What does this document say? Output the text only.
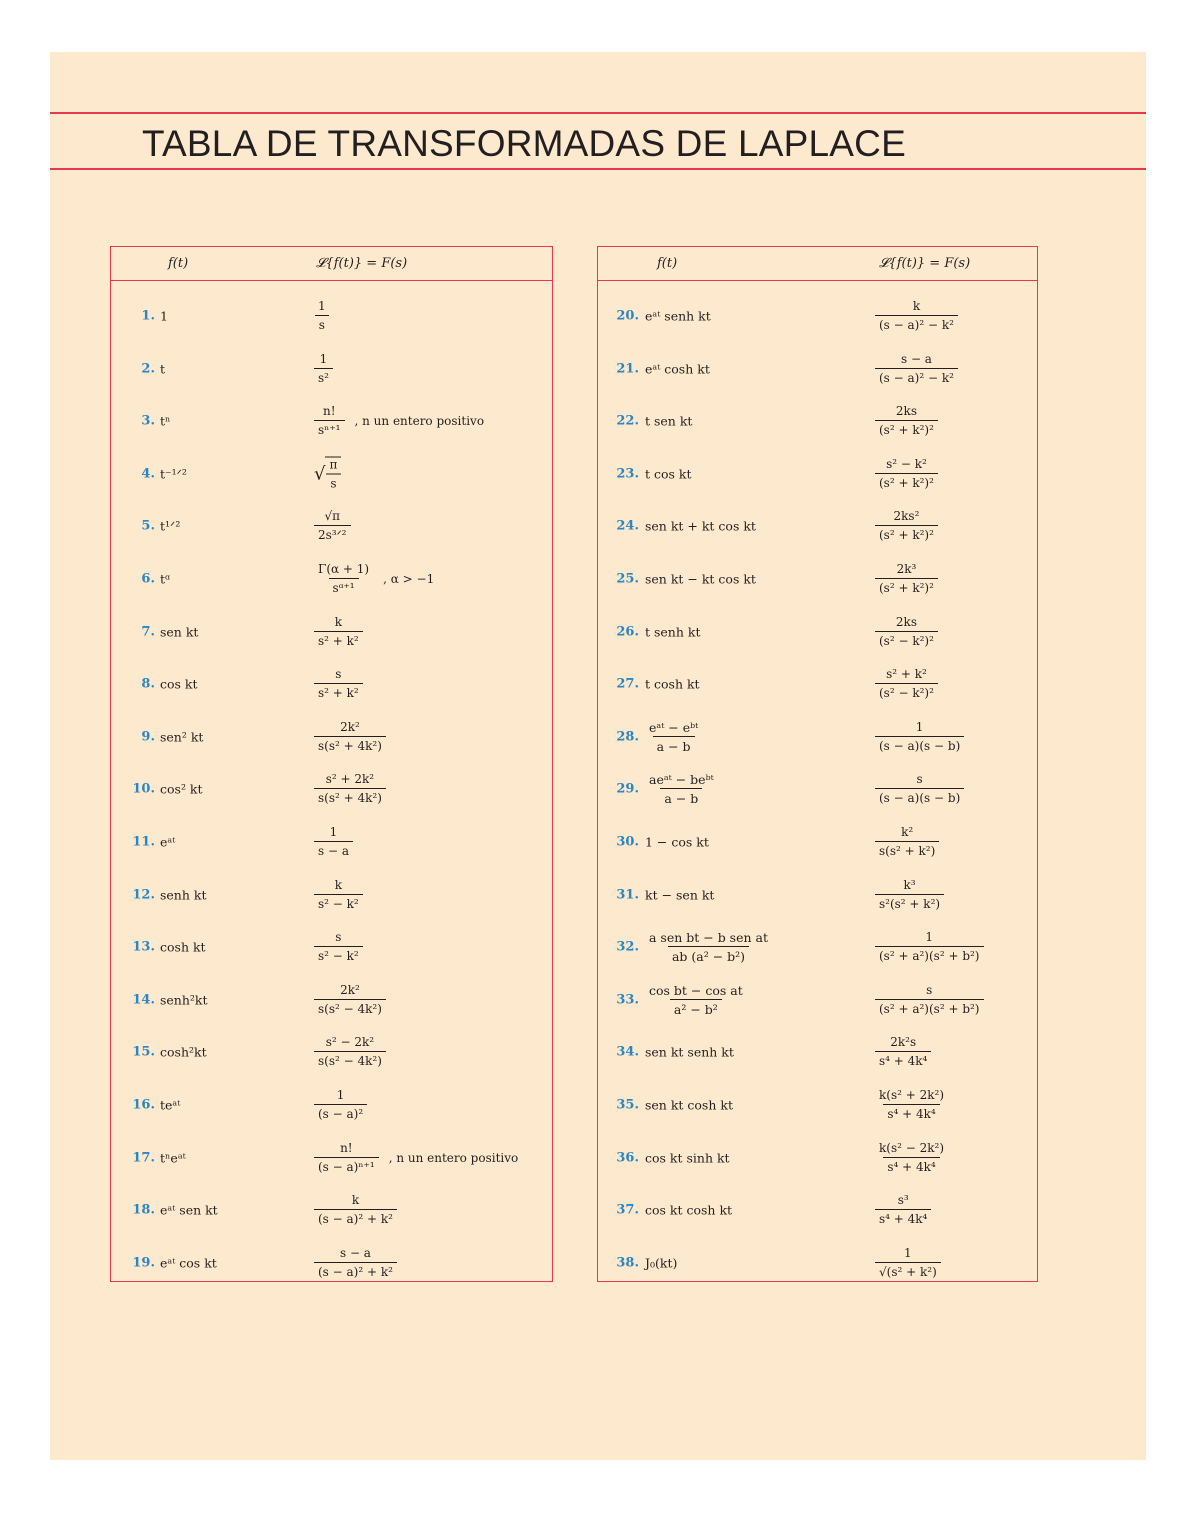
TABLA DE TRANSFORMADAS DE LAPLACE
f(t)	𝓛{f(t)} = F(s)
1. 1	$\frac{1}{s}$
2. t	$\frac{1}{\text{s²}}$
3. tⁿ	$\frac{n!}{\text{sⁿ⁺¹}}$ , n un entero positivo
4. t⁻¹ᐟ²	√ $\frac{\pi}{s}$
5. t¹ᐟ²	$\frac{√\pi}{\text{2s³ᐟ²}}$
6. tᵅ	$\frac{\Gamma(\alpha + 1)}{\text{sᵅ⁺¹}}$ , α > −1
7. sen kt	$\frac{k}{\text{s² + k²}}$
8. cos kt	$\frac{s}{\text{s² + k²}}$
9. sen² kt	$\frac{\text{2k²}}{\text{s(s² + 4k²)}}$
10. cos² kt	$\frac{\text{s² + 2k²}}{\text{s(s² + 4k²)}}$
11. eᵃᵗ	$\frac{1}{s - a}$
12. senh kt	$\frac{k}{\text{s² − k²}}$
13. cosh kt	$\frac{s}{\text{s² − k²}}$
14. senh²kt	$\frac{\text{2k²}}{\text{s(s² − 4k²)}}$
15. cosh²kt	$\frac{\text{s² − 2k²}}{\text{s(s² − 4k²)}}$
16. teᵃᵗ	$\frac{1}{\text{(s − a)²}}$
17. tⁿeᵃᵗ	$\frac{n!}{\text{(s − a)ⁿ⁺¹}}$ , n un entero positivo
18. eᵃᵗ sen kt	$\frac{k}{\text{(s − a)² + k²}}$
19. eᵃᵗ cos kt	$\frac{s - a}{\text{(s − a)² + k²}}$
f(t)	𝓛{f(t)} = F(s)
20. eᵃᵗ senh kt	$\frac{k}{\text{(s − a)² − k²}}$
21. eᵃᵗ cosh kt	$\frac{s - a}{\text{(s − a)² − k²}}$
22. t sen kt	$\frac{2ks}{\text{(s² + k²)²}}$
23. t cos kt	$\frac{\text{s² − k²}}{\text{(s² + k²)²}}$
24. sen kt + kt cos kt	$\frac{\text{2ks²}}{\text{(s² + k²)²}}$
25. sen kt − kt cos kt	$\frac{\text{2k³}}{\text{(s² + k²)²}}$
26. t senh kt	$\frac{2ks}{\text{(s² − k²)²}}$
27. t cosh kt	$\frac{\text{s² + k²}}{\text{(s² − k²)²}}$
28. $\frac{\text{eᵃᵗ − eᵇᵗ}}{a - b}$	$\frac{1}{(s - a)(s - b)}$
29. $\frac{\text{aeᵃᵗ − beᵇᵗ}}{a - b}$	$\frac{s}{(s - a)(s - b)}$
30. 1 − cos kt	$\frac{\text{k²}}{\text{s(s² + k²)}}$
31. kt − sen kt	$\frac{\text{k³}}{\text{s²(s² + k²)}}$
32. $\frac{\text{a sen bt − b sen at}}{\text{ab (a² − b²)}}$	$\frac{1}{\text{(s² + a²)(s² + b²)}}$
33. $\frac{\text{cos bt − cos at}}{\text{a² − b²}}$	$\frac{s}{\text{(s² + a²)(s² + b²)}}$
34. sen kt senh kt	$\frac{\text{2k²s}}{\text{s⁴ + 4k⁴}}$
35. sen kt cosh kt	$\frac{\text{k(s² + 2k²)}}{\text{s⁴ + 4k⁴}}$
36. cos kt sinh kt	$\frac{\text{k(s² − 2k²)}}{\text{s⁴ + 4k⁴}}$
37. cos kt cosh kt	$\frac{\text{s³}}{\text{s⁴ + 4k⁴}}$
38. J₀(kt)	$\frac{1}{\text{√(s² + k²)}}$
